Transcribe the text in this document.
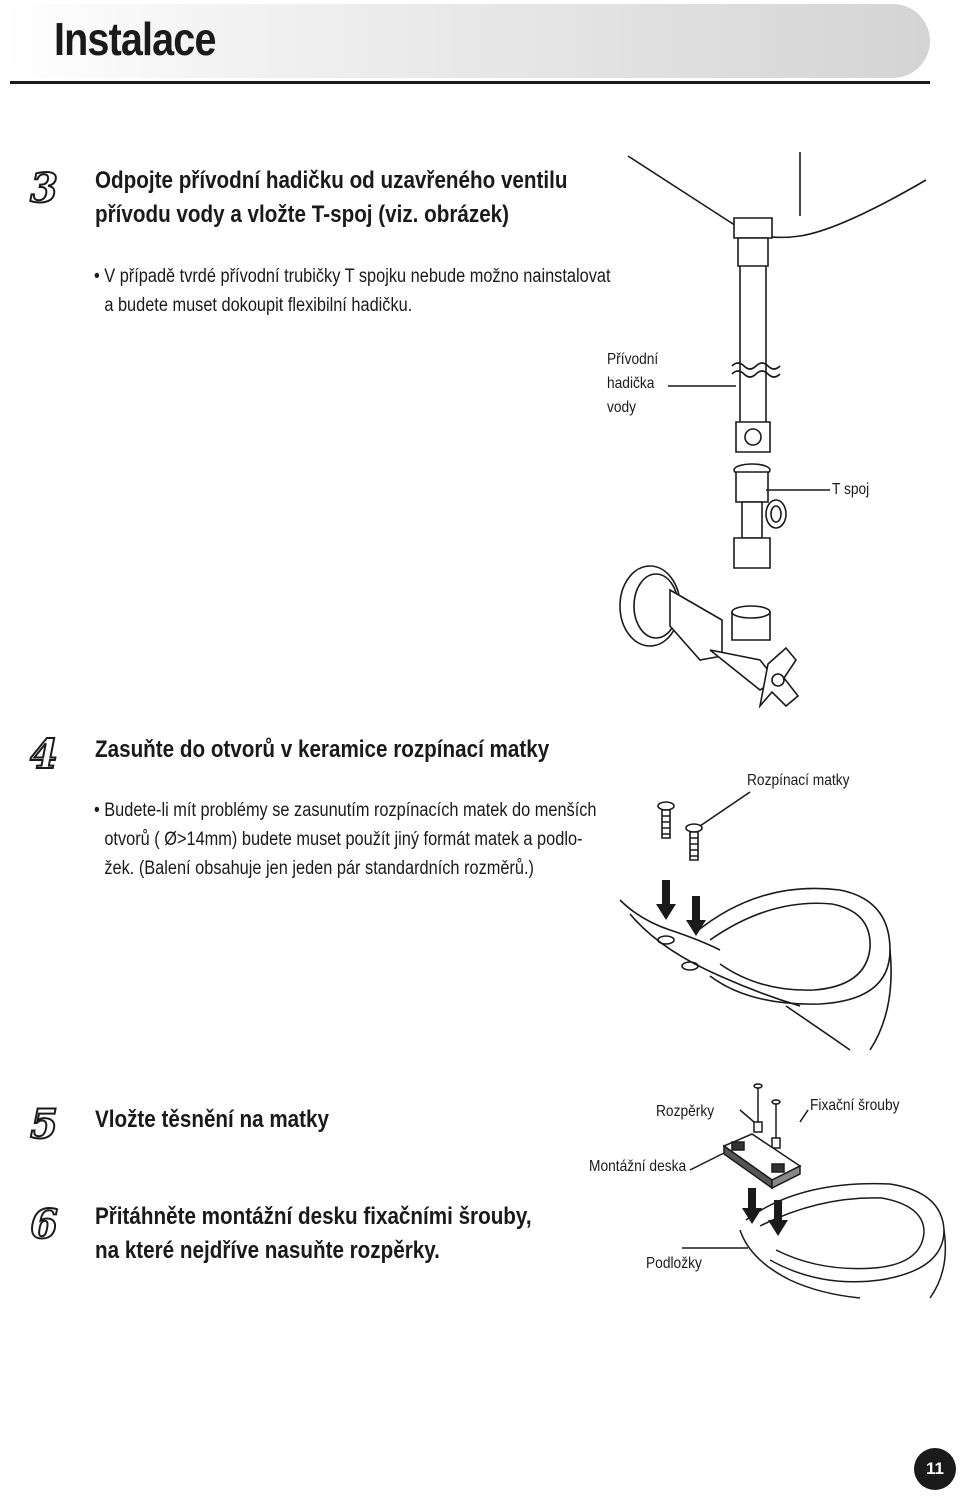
Instalace
3 Odpojte přívodní hadičku od uzavřeného ventilu
přívodu vody a vložte T-spoj (viz. obrázek)
• V případě tvrdé přívodní trubičky T spojku nebude možno nainstalovat
a budete muset dokoupit flexibilní hadičku.
Přívodní
hadička
vody
T spoj
4 Zasuňte do otvorů v keramice rozpínací matky
• Budete-li mít problémy se zasunutím rozpínacích matek do menších
otvorů ( Ø>14mm) budete muset použít jiný formát matek a podlo-
žek. (Balení obsahuje jen jeden pár standardních rozměrů.)
Rozpínací matky
5 Vložte těsnění na matky
6 Přitáhněte montážní desku fixačními šrouby,
na které nejdříve nasuňte rozpěrky.
Rozpěrky	Fixační šrouby
Montážní deska
Podložky
11
